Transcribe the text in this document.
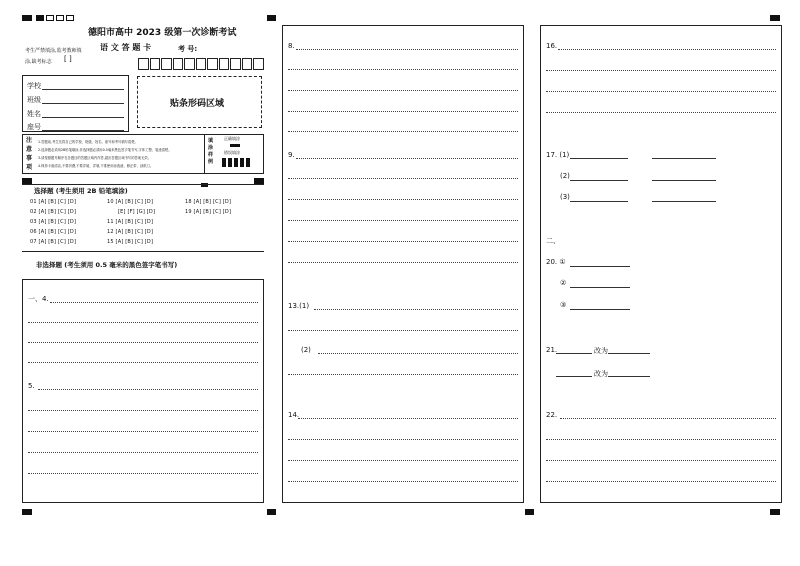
德阳市高中 2023 级第一次诊断考试
语 文 答 题 卡	考 号:
考生严禁填涂,监考教师填
涂,缺考标志 [ ]
学校
班级
姓名
座号
贴条形码区域
注
意
事
项
1.答题前,考生先将自己的学校、班级、姓名、座号和考号填写清楚。
2.选择题必须用2B铅笔填涂,非选择题必须用0.5毫米黑色签字笔书写,字体工整、笔迹清楚。
3.请按照题号顺序在各题目的答题区域内作答,超出答题区域书写的答案无效。
4.保持卡面清洁,不要折叠,不要弄破、弄皱,不准使用涂改液、修正带、刮纸刀。
填
涂
样
例
正确填涂
错误填涂
选择题 (考生须用 2B 铅笔填涂)
01 [A] [B] [C] [D]
02 [A] [B] [C] [D]
03 [A] [B] [C] [D]
06 [A] [B] [C] [D]
07 [A] [B] [C] [D]
10 [A] [B] [C] [D]
[E] [F] [G] [D]
11 [A] [B] [C] [D]
12 [A] [B] [C] [D]
15 [A] [B] [C] [D]
18 [A] [B] [C] [D]
19 [A] [B] [C] [D]
非选择题 (考生须用 0.5 毫米的黑色签字笔书写)
一、4.
5.
8.
9.
13.(1)
(2)
14.
16.
17. (1)
(2)
(3)
二、
20. ①
②
③
21.	改为
改为
22.
